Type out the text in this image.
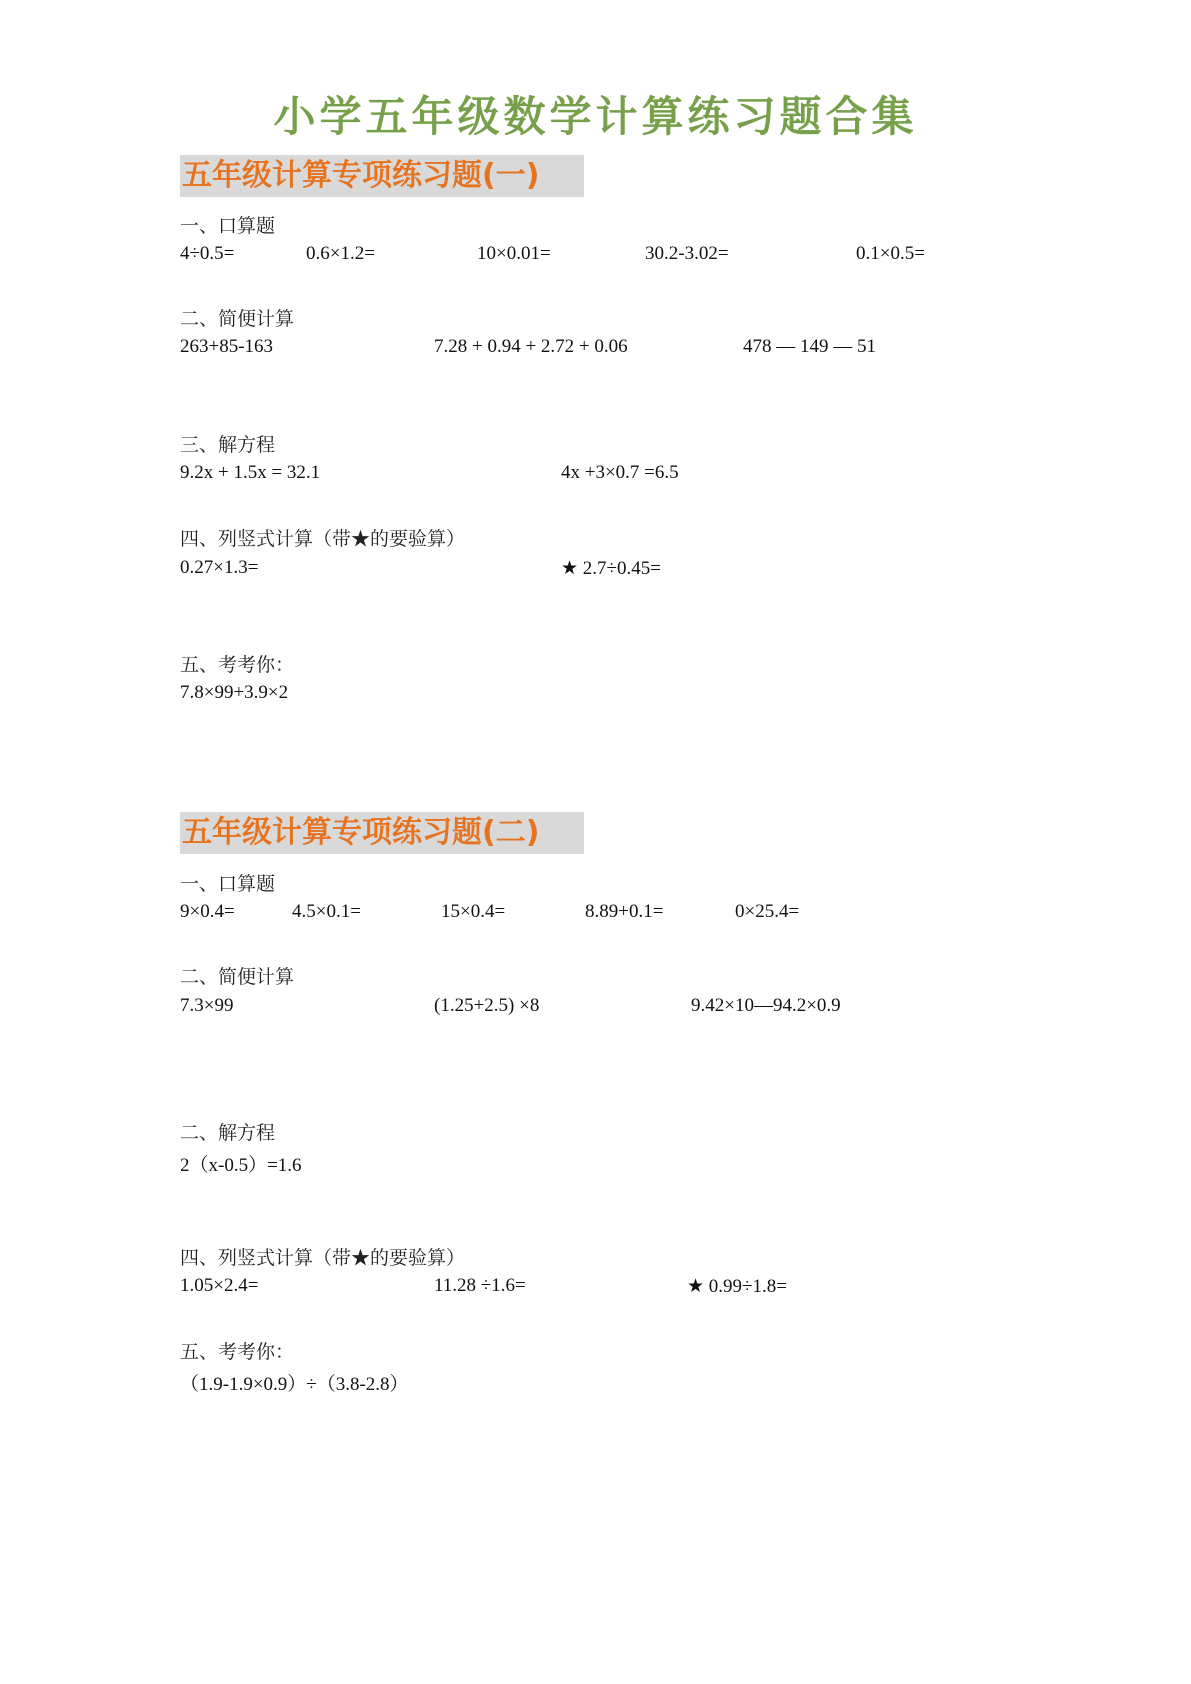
小学五年级数学计算练习题合集
五年级计算专项练习题(一)
一、口算题
4÷0.5=	0.6×1.2=	10×0.01=	30.2-3.02=	0.1×0.5=
二、简便计算
263+85-163	7.28 + 0.94 + 2.72 + 0.06	478 — 149 — 51
三、解方程
9.2x + 1.5x = 32.1	4x +3×0.7 =6.5
四、列竖式计算（带★的要验算）
0.27×1.3=	★ 2.7÷0.45=
五、考考你：
7.8×99+3.9×2
五年级计算专项练习题(二)
一、口算题
9×0.4=	4.5×0.1=	15×0.4=	8.89+0.1=	0×25.4=
二、简便计算
7.3×99	(1.25+2.5) ×8	9.42×10—94.2×0.9
二、解方程
2（x-0.5）=1.6
四、列竖式计算（带★的要验算）
1.05×2.4=	11.28 ÷1.6=	★ 0.99÷1.8=
五、考考你：
（1.9-1.9×0.9）÷（3.8-2.8）
